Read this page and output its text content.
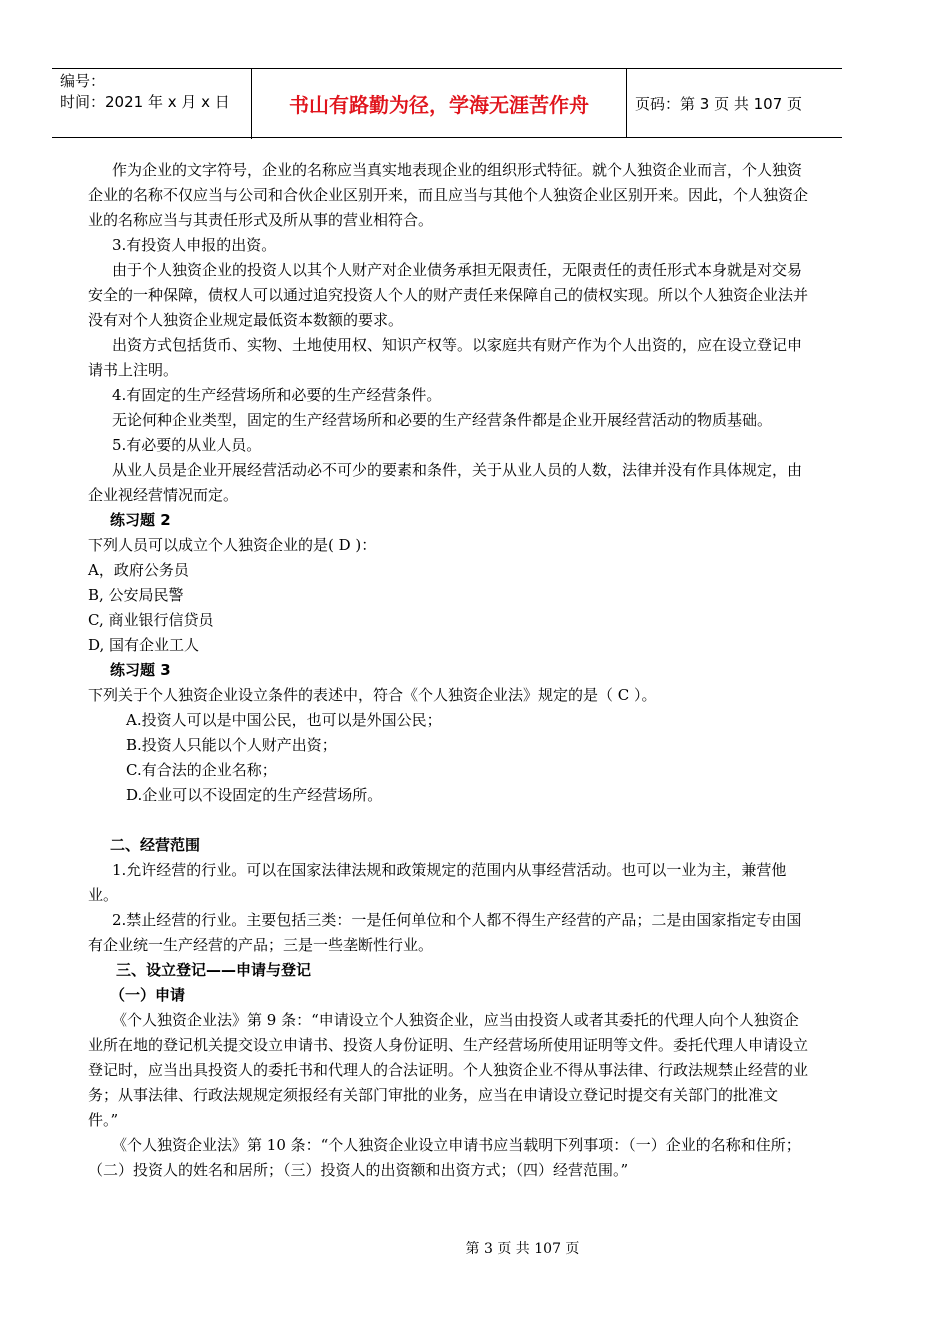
编号：
时间：2021 年 x 月 x 日	书山有路勤为径，学海无涯苦作舟	页码：第 3 页 共 107 页

作为企业的文字符号，企业的名称应当真实地表现企业的组织形式特征。就个人独资企业而言，个人独资企业的名称不仅应当与公司和合伙企业区别开来，而且应当与其他个人独资企业区别开来。因此，个人独资企业的名称应当与其责任形式及所从事的营业相符合。

3.有投资人申报的出资。

由于个人独资企业的投资人以其个人财产对企业债务承担无限责任，无限责任的责任形式本身就是对交易安全的一种保障，债权人可以通过追究投资人个人的财产责任来保障自己的债权实现。所以个人独资企业法并没有对个人独资企业规定最低资本数额的要求。

出资方式包括货币、实物、土地使用权、知识产权等。以家庭共有财产作为个人出资的，应在设立登记申请书上注明。

4.有固定的生产经营场所和必要的生产经营条件。

无论何种企业类型，固定的生产经营场所和必要的生产经营条件都是企业开展经营活动的物质基础。

5.有必要的从业人员。

从业人员是企业开展经营活动必不可少的要素和条件，关于从业人员的人数，法律并没有作具体规定，由企业视经营情况而定。

练习题 2

下列人员可以成立个人独资企业的是( D )：

A，政府公务员

B, 公安局民警

C, 商业银行信贷员

D, 国有企业工人

练习题 3

下列关于个人独资企业设立条件的表述中，符合《个人独资企业法》规定的是（ C ）。

A.投资人可以是中国公民，也可以是外国公民；

B.投资人只能以个人财产出资；

C.有合法的企业名称；

D.企业可以不设固定的生产经营场所。

二、经营范围

1.允许经营的行业。可以在国家法律法规和政策规定的范围内从事经营活动。也可以一业为主，兼营他业。

2.禁止经营的行业。主要包括三类：一是任何单位和个人都不得生产经营的产品；二是由国家指定专由国有企业统一生产经营的产品；三是一些垄断性行业。

三、设立登记——申请与登记

（一）申请

《个人独资企业法》第 9 条：“申请设立个人独资企业，应当由投资人或者其委托的代理人向个人独资企业所在地的登记机关提交设立申请书、投资人身份证明、生产经营场所使用证明等文件。委托代理人申请设立登记时，应当出具投资人的委托书和代理人的合法证明。个人独资企业不得从事法律、行政法规禁止经营的业务；从事法律、行政法规规定须报经有关部门审批的业务，应当在申请设立登记时提交有关部门的批准文件。”

《个人独资企业法》第 10 条：“个人独资企业设立申请书应当载明下列事项：（一）企业的名称和住所；（二）投资人的姓名和居所；（三）投资人的出资额和出资方式；（四）经营范围。”

第 3 页 共 107 页
